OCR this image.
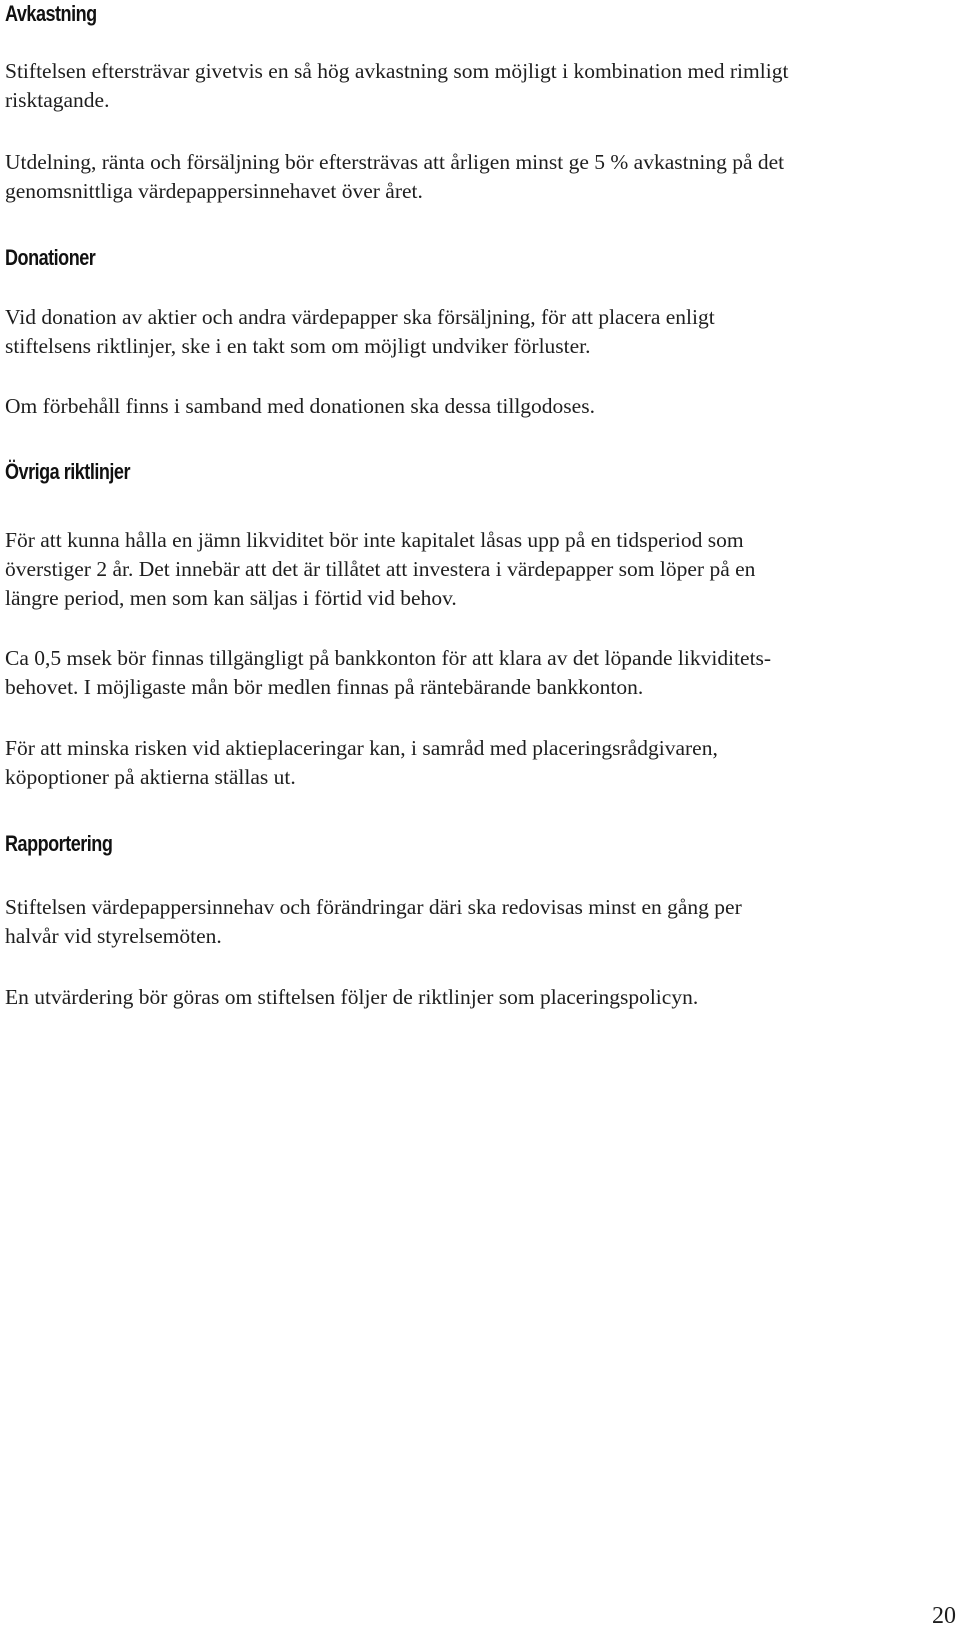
Avkastning

Stiftelsen eftersträvar givetvis en så hög avkastning som möjligt i kombination med rimligt
risktagande.

Utdelning, ränta och försäljning bör eftersträvas att årligen minst ge 5 % avkastning på det
genomsnittliga värdepappersinnehavet över året.

Donationer

Vid donation av aktier och andra värdepapper ska försäljning, för att placera enligt
stiftelsens riktlinjer, ske i en takt som om möjligt undviker förluster.

Om förbehåll finns i samband med donationen ska dessa tillgodoses.

Övriga riktlinjer

För att kunna hålla en jämn likviditet bör inte kapitalet låsas upp på en tidsperiod som
överstiger 2 år. Det innebär att det är tillåtet att investera i värdepapper som löper på en
längre period, men som kan säljas i förtid vid behov.

Ca 0,5 msek bör finnas tillgängligt på bankkonton för att klara av det löpande likviditets-
behovet. I möjligaste mån bör medlen finnas på räntebärande bankkonton.

För att minska risken vid aktieplaceringar kan, i samråd med placeringsrådgivaren,
köpoptioner på aktierna ställas ut.

Rapportering

Stiftelsen värdepappersinnehav och förändringar däri ska redovisas minst en gång per
halvår vid styrelsemöten.

En utvärdering bör göras om stiftelsen följer de riktlinjer som placeringspolicyn.

20
